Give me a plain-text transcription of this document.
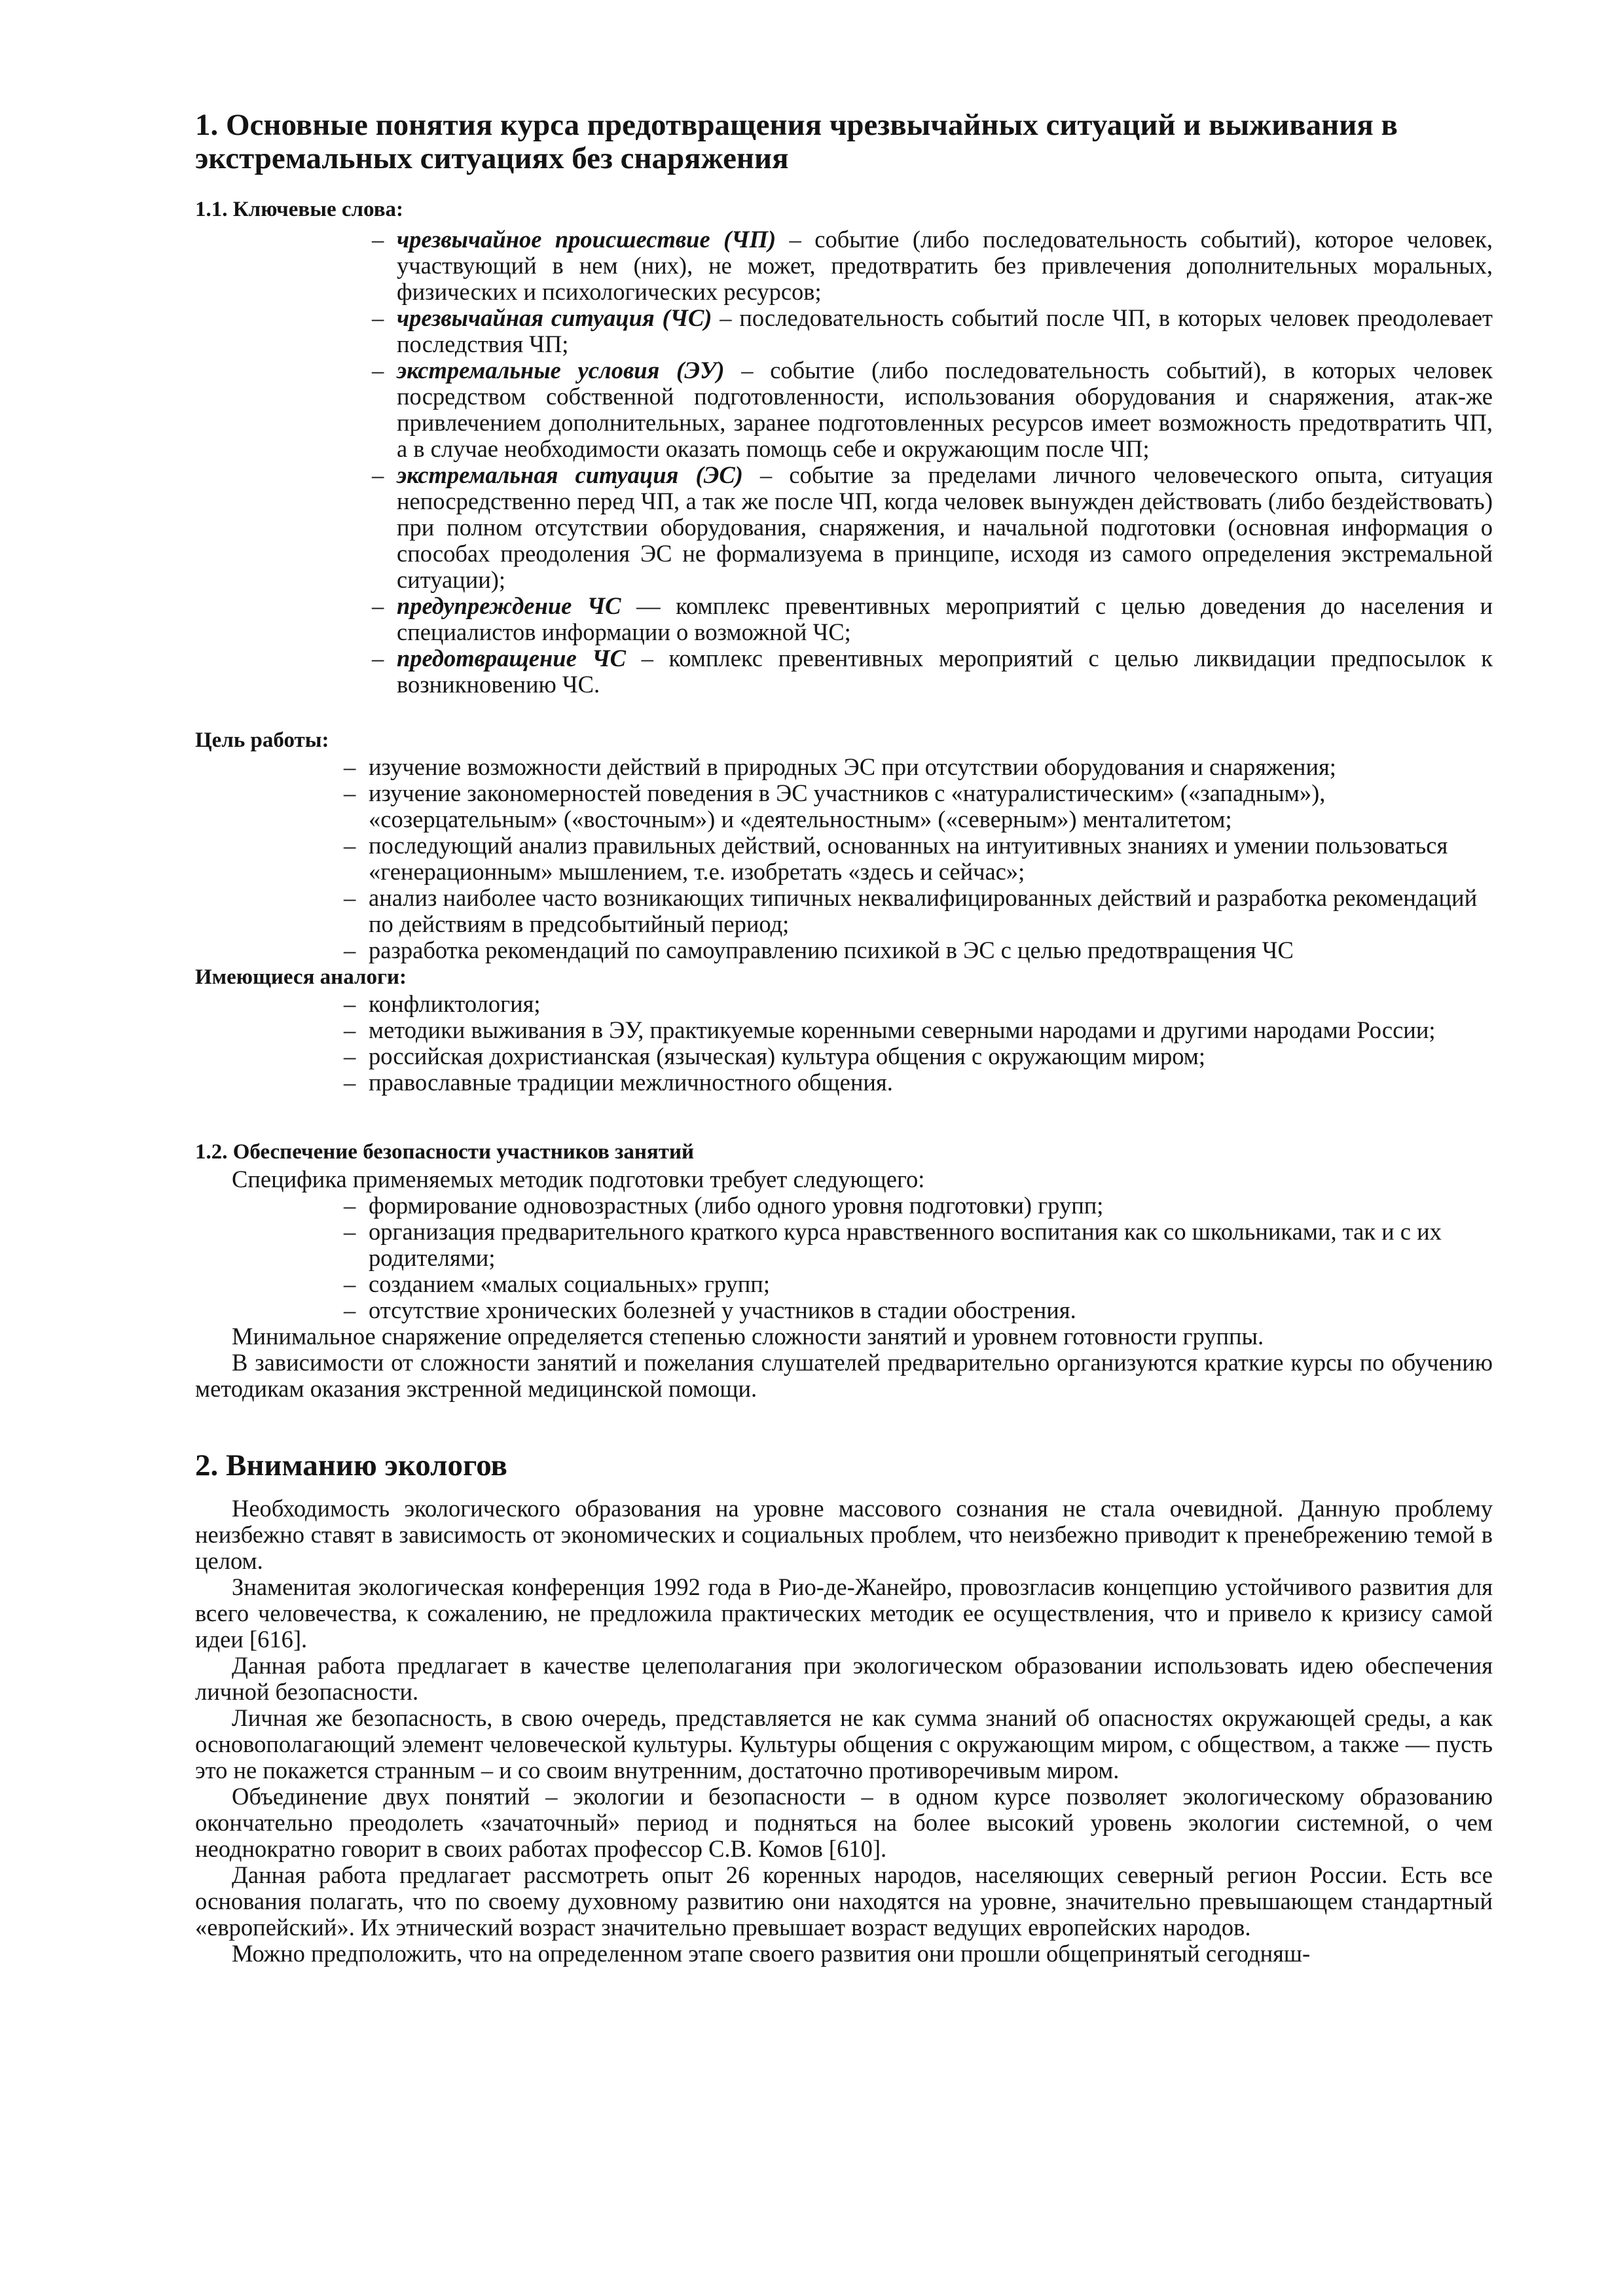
1. Основные понятия курса предотвращения чрезвычайных ситуаций и выживания в
экстремальных ситуациях без снаряжения
1.1. Ключевые слова:
– чрезвычайное происшествие (ЧП) – событие (либо последовательность событий), которое человек, участвующий в нем (них), не может, предотвратить без привлечения дополнительных моральных, физических и психологических ресурсов;
– чрезвычайная ситуация (ЧС) – последовательность событий после ЧП, в которых человек преодолевает последствия ЧП;
– экстремальные условия (ЭУ) – событие (либо последовательность событий), в которых человек посредством собственной подготовленности, использования оборудования и снаряжения, атак-же привлечением дополнительных, заранее подготовленных ресурсов имеет возможность предотвратить ЧП, а в случае необходимости оказать помощь себе и окружающим после ЧП;
– экстремальная ситуация (ЭС) – событие за пределами личного человеческого опыта, ситуация непосредственно перед ЧП, а так же после ЧП, когда человек вынужден действовать (либо бездействовать) при полном отсутствии оборудования, снаряжения, и начальной подготовки (основная информация о способах преодоления ЭС не формализуема в принципе, исходя из самого определения экстремальной ситуации);
– предупреждение ЧС — комплекс превентивных мероприятий с целью доведения до населения и специалистов информации о возможной ЧС;
– предотвращение ЧС – комплекс превентивных мероприятий с целью ликвидации предпосылок к возникновению ЧС.
Цель работы:
– изучение возможности действий в природных ЭС при отсутствии оборудования и снаряжения;
– изучение закономерностей поведения в ЭС участников с «натуралистическим» («западным»), «созерцательным» («восточным») и «деятельностным» («северным») менталитетом;
– последующий анализ правильных действий, основанных на интуитивных знаниях и умении пользоваться «генерационным» мышлением, т.е. изобретать «здесь и сейчас»;
– анализ наиболее часто возникающих типичных неквалифицированных действий и разработка рекомендаций по действиям в предсобытийный период;
– разработка рекомендаций по самоуправлению психикой в ЭС с целью предотвращения ЧС
Имеющиеся аналоги:
– конфликтология;
– методики выживания в ЭУ, практикуемые коренными северными народами и другими народами России;
– российская дохристианская (языческая) культура общения с окружающим миром;
– православные традиции межличностного общения.
1.2. Обеспечение безопасности участников занятий

Специфика применяемых методик подготовки требует следующего:

– формирование одновозрастных (либо одного уровня подготовки) групп;
– организация предварительного краткого курса нравственного воспитания как со школьниками, так и с их родителями;
– созданием «малых социальных» групп;
– отсутствие хронических болезней у участников в стадии обострения.

Минимальное снаряжение определяется степенью сложности занятий и уровнем готовности группы.

В зависимости от сложности занятий и пожелания слушателей предварительно организуются краткие курсы по обучению методикам оказания экстренной медицинской помощи.

2. Вниманию экологов

Необходимость экологического образования на уровне массового сознания не стала очевидной. Данную проблему неизбежно ставят в зависимость от экономических и социальных проблем, что неизбежно приводит к пренебрежению темой в целом.

Знаменитая экологическая конференция 1992 года в Рио-де-Жанейро, провозгласив концепцию устойчивого развития для всего человечества, к сожалению, не предложила практических методик ее осуществления, что и привело к кризису самой идеи [616].

Данная работа предлагает в качестве целеполагания при экологическом образовании использовать идею обеспечения личной безопасности.

Личная же безопасность, в свою очередь, представляется не как сумма знаний об опасностях окружающей среды, а как основополагающий элемент человеческой культуры. Культуры общения с окружающим миром, с обществом, а также — пусть это не покажется странным – и со своим внутренним, достаточно противоречивым миром.

Объединение двух понятий – экологии и безопасности – в одном курсе позволяет экологическому образованию окончательно преодолеть «зачаточный» период и подняться на более высокий уровень экологии системной, о чем неоднократно говорит в своих работах профессор С.В. Комов [610].

Данная работа предлагает рассмотреть опыт 26 коренных народов, населяющих северный регион России. Есть все основания полагать, что по своему духовному развитию они находятся на уровне, значительно превышающем стандартный «европейский». Их этнический возраст значительно превышает возраст ведущих европейских народов.

Можно предположить, что на определенном этапе своего развития они прошли общепринятый сегодняш-
